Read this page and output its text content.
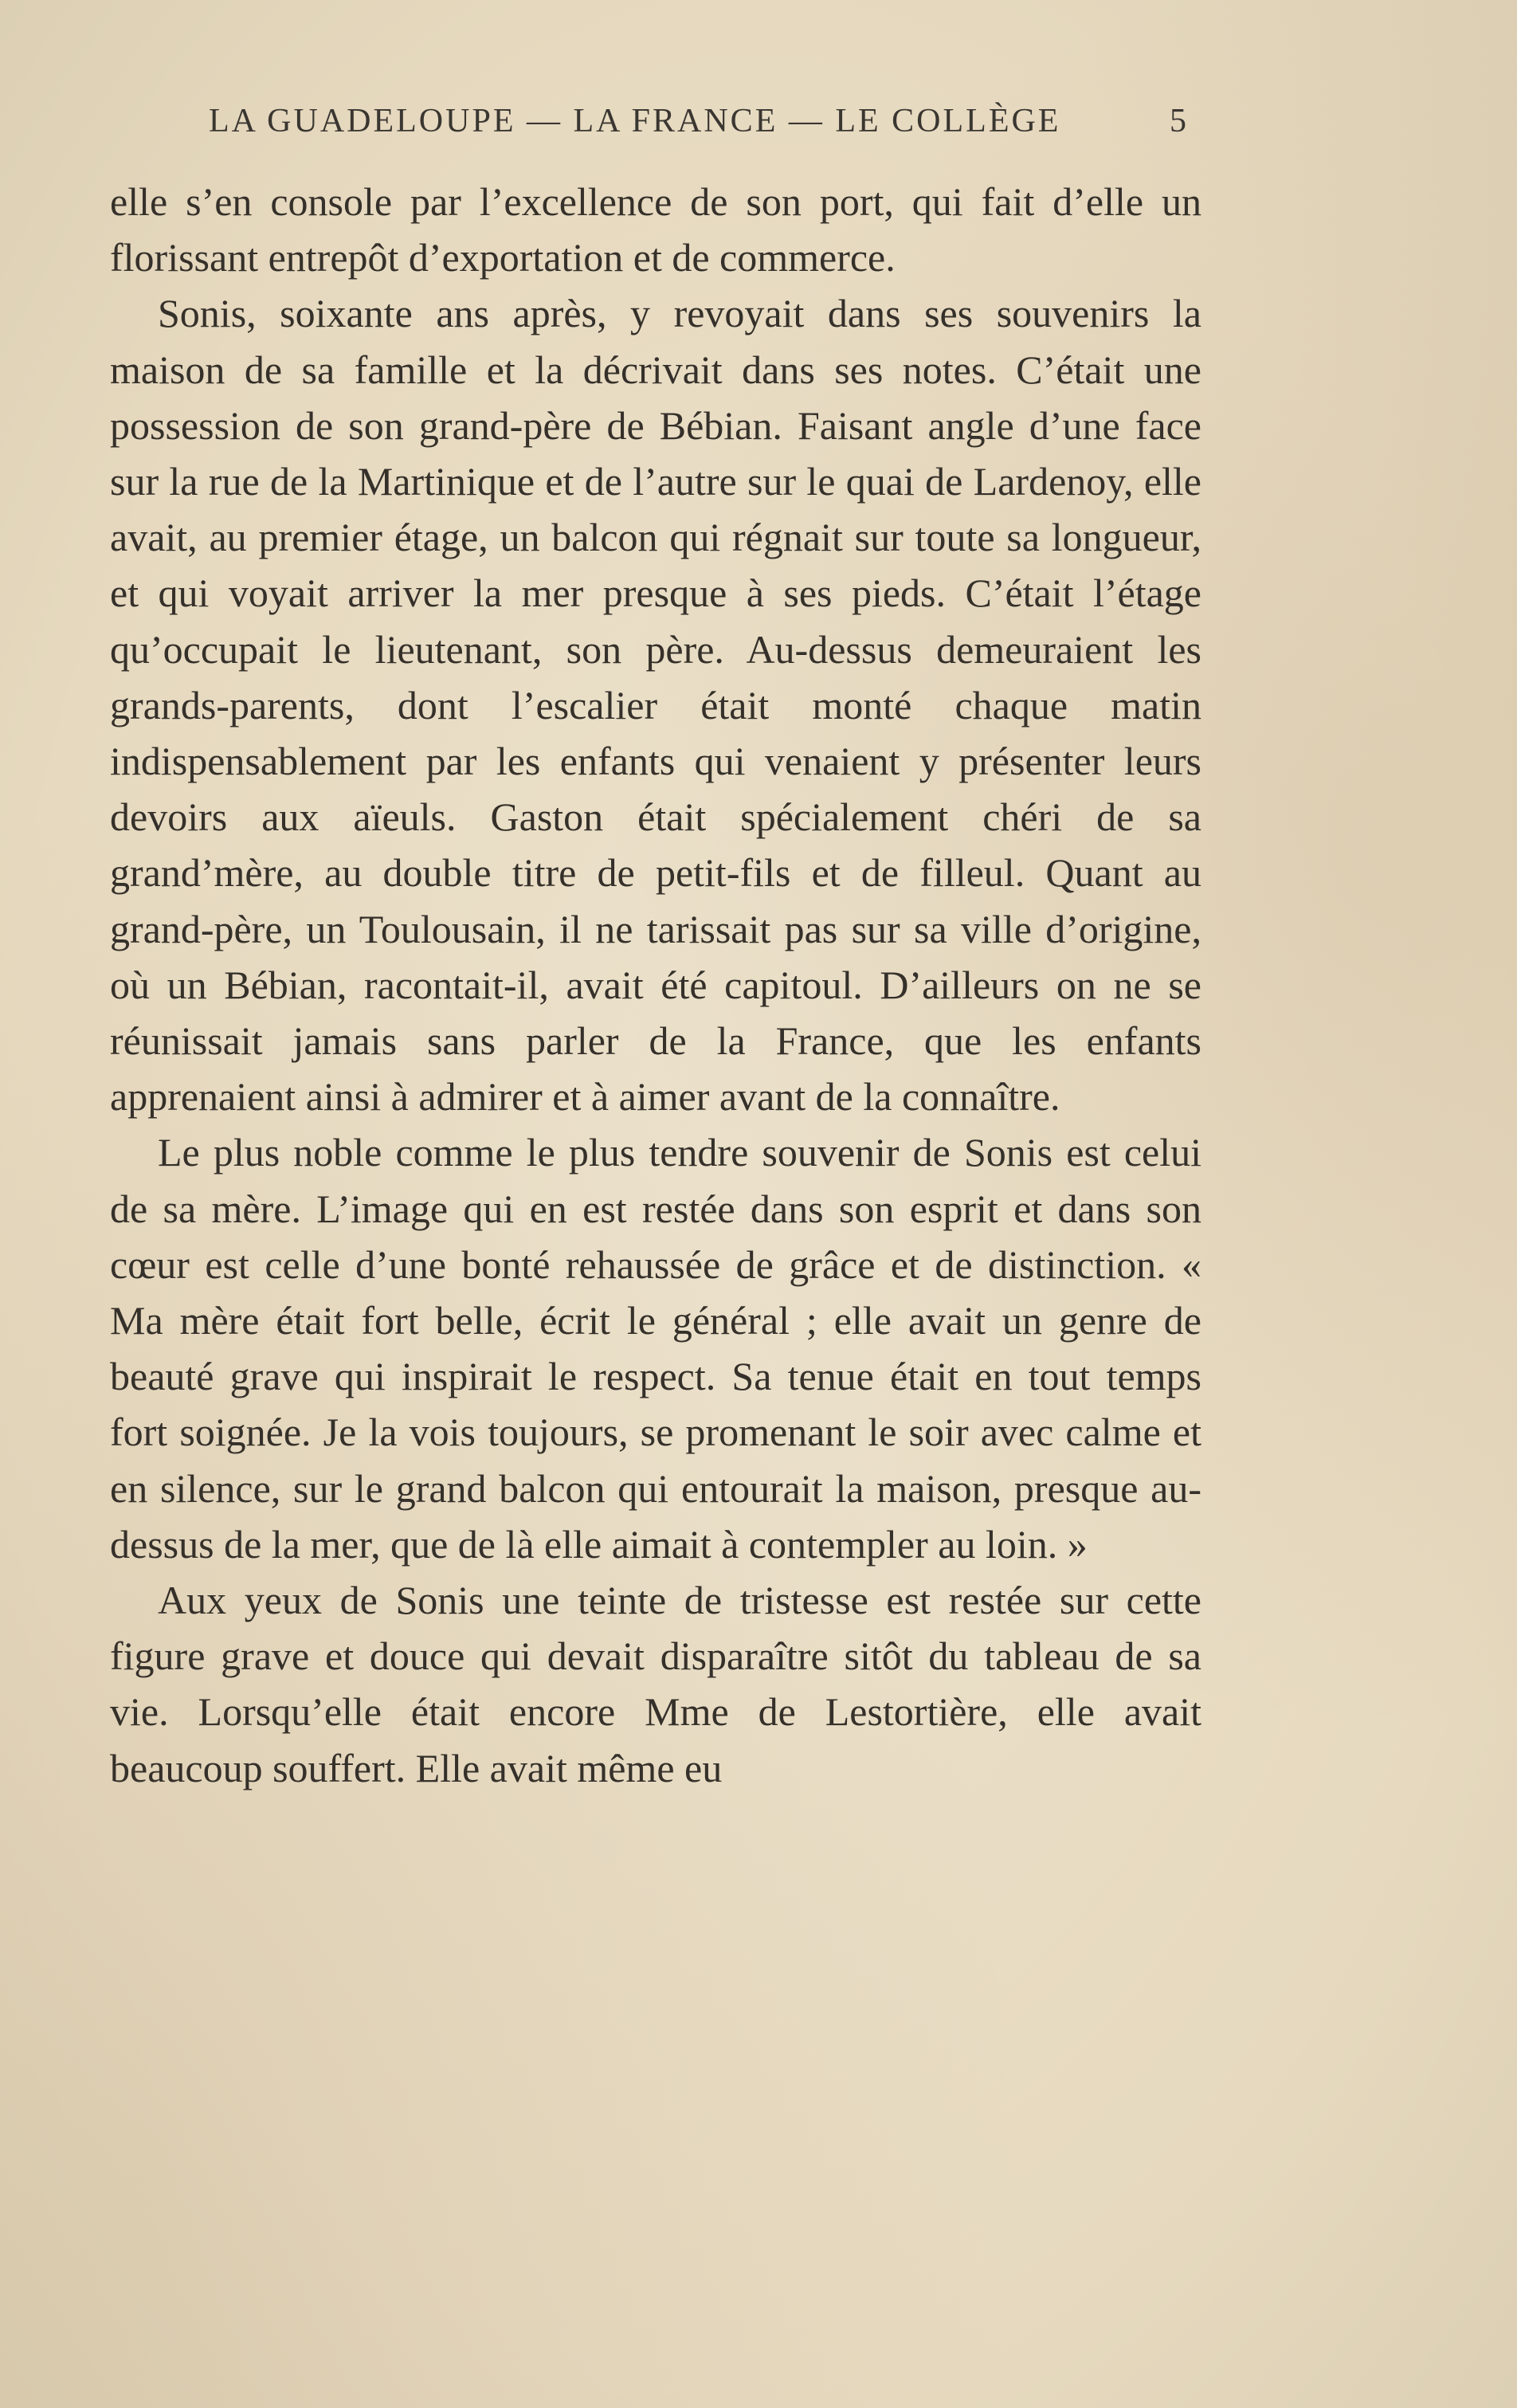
LA GUADELOUPE — LA FRANCE — LE COLLÈGE	5

elle s’en console par l’excellence de son port, qui fait d’elle un florissant entrepôt d’exportation et de commerce.

Sonis, soixante ans après, y revoyait dans ses souvenirs la maison de sa famille et la décrivait dans ses notes. C’était une possession de son grand-père de Bébian. Faisant angle d’une face sur la rue de la Martinique et de l’autre sur le quai de Lardenoy, elle avait, au premier étage, un balcon qui régnait sur toute sa longueur, et qui voyait arriver la mer presque à ses pieds. C’était l’étage qu’occupait le lieutenant, son père. Au-dessus demeuraient les grands-parents, dont l’escalier était monté chaque matin indispensablement par les enfants qui venaient y présenter leurs devoirs aux aïeuls. Gaston était spécialement chéri de sa grand’mère, au double titre de petit-fils et de filleul. Quant au grand-père, un Toulousain, il ne tarissait pas sur sa ville d’origine, où un Bébian, racontait-il, avait été capitoul. D’ailleurs on ne se réunissait jamais sans parler de la France, que les enfants apprenaient ainsi à admirer et à aimer avant de la connaître.

Le plus noble comme le plus tendre souvenir de Sonis est celui de sa mère. L’image qui en est restée dans son esprit et dans son cœur est celle d’une bonté rehaussée de grâce et de distinction. « Ma mère était fort belle, écrit le général ; elle avait un genre de beauté grave qui inspirait le respect. Sa tenue était en tout temps fort soignée. Je la vois toujours, se promenant le soir avec calme et en silence, sur le grand balcon qui entourait la maison, presque au-dessus de la mer, que de là elle aimait à contempler au loin. »

Aux yeux de Sonis une teinte de tristesse est restée sur cette figure grave et douce qui devait disparaître sitôt du tableau de sa vie. Lorsqu’elle était encore Mme de Lestortière, elle avait beaucoup souffert. Elle avait même eu
